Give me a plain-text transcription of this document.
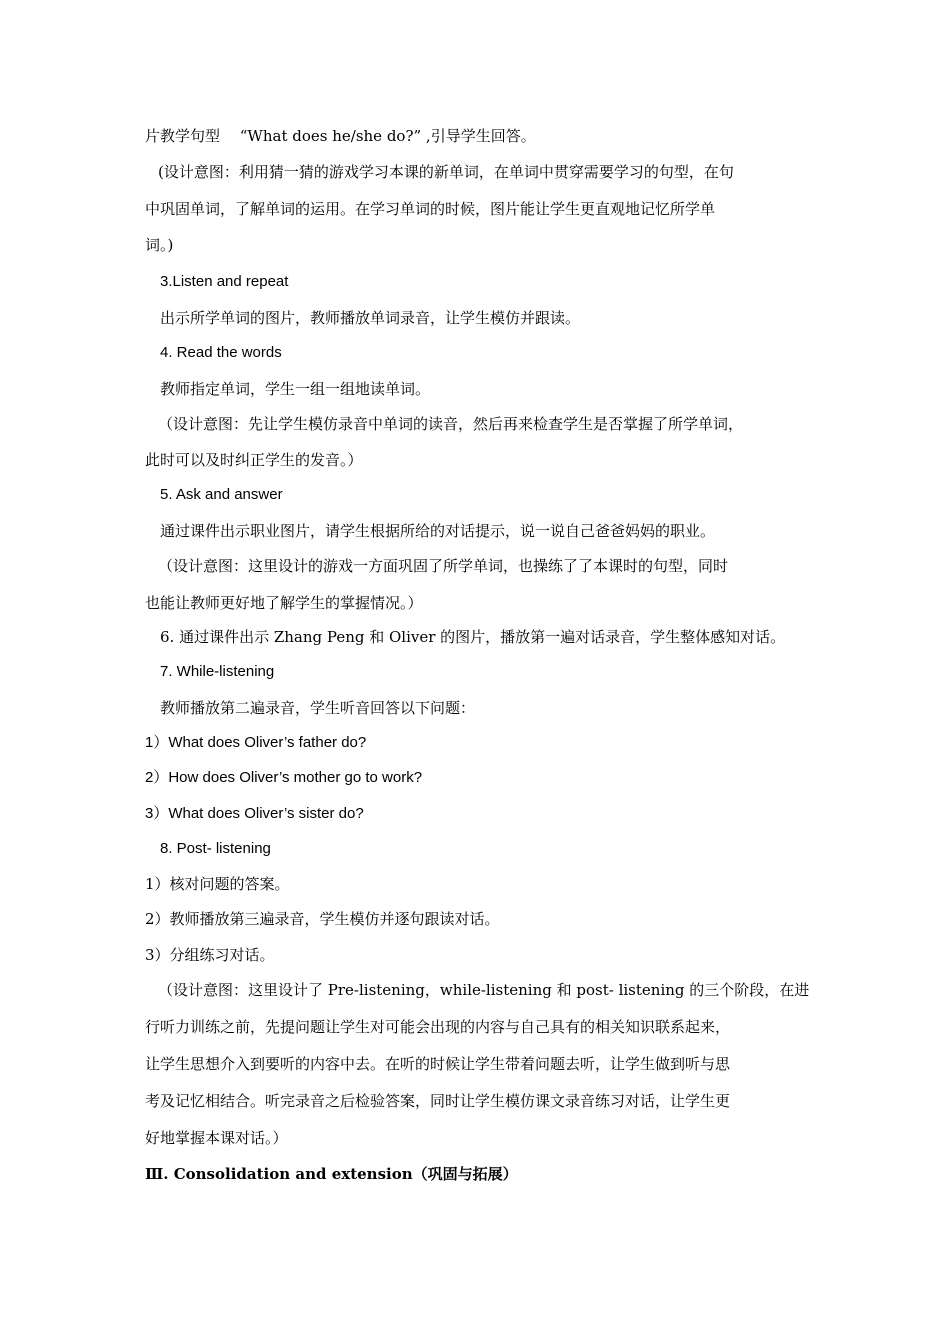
片教学句型　 “What does he/she do?” ,引导学生回答。
(设计意图：利用猜一猜的游戏学习本课的新单词，在单词中贯穿需要学习的句型，在句
中巩固单词，了解单词的运用。在学习单词的时候，图片能让学生更直观地记忆所学单
词。)
3.Listen and repeat
出示所学单词的图片，教师播放单词录音，让学生模仿并跟读。
4. Read the words
教师指定单词，学生一组一组地读单词。
（设计意图：先让学生模仿录音中单词的读音，然后再来检查学生是否掌握了所学单词，
此时可以及时纠正学生的发音。）
5. Ask and answer
通过课件出示职业图片，请学生根据所给的对话提示，说一说自己爸爸妈妈的职业。
（设计意图：这里设计的游戏一方面巩固了所学单词，也操练了了本课时的句型，同时
也能让教师更好地了解学生的掌握情况。）
6. 通过课件出示 Zhang Peng 和 Oliver 的图片，播放第一遍对话录音，学生整体感知对话。
7. While-listening
教师播放第二遍录音，学生听音回答以下问题：
1）What does Oliver’s father do?
2）How does Oliver’s mother go to work?
3）What does Oliver’s sister do?
8. Post- listening
1）核对问题的答案。
2）教师播放第三遍录音，学生模仿并逐句跟读对话。
3）分组练习对话。
（设计意图：这里设计了 Pre-listening，while-listening 和 post- listening 的三个阶段，在进
行听力训练之前，先提问题让学生对可能会出现的内容与自己具有的相关知识联系起来，
让学生思想介入到要听的内容中去。在听的时候让学生带着问题去听，让学生做到听与思
考及记忆相结合。听完录音之后检验答案，同时让学生模仿课文录音练习对话，让学生更
好地掌握本课对话。）
Ⅲ. Consolidation and extension（巩固与拓展）
